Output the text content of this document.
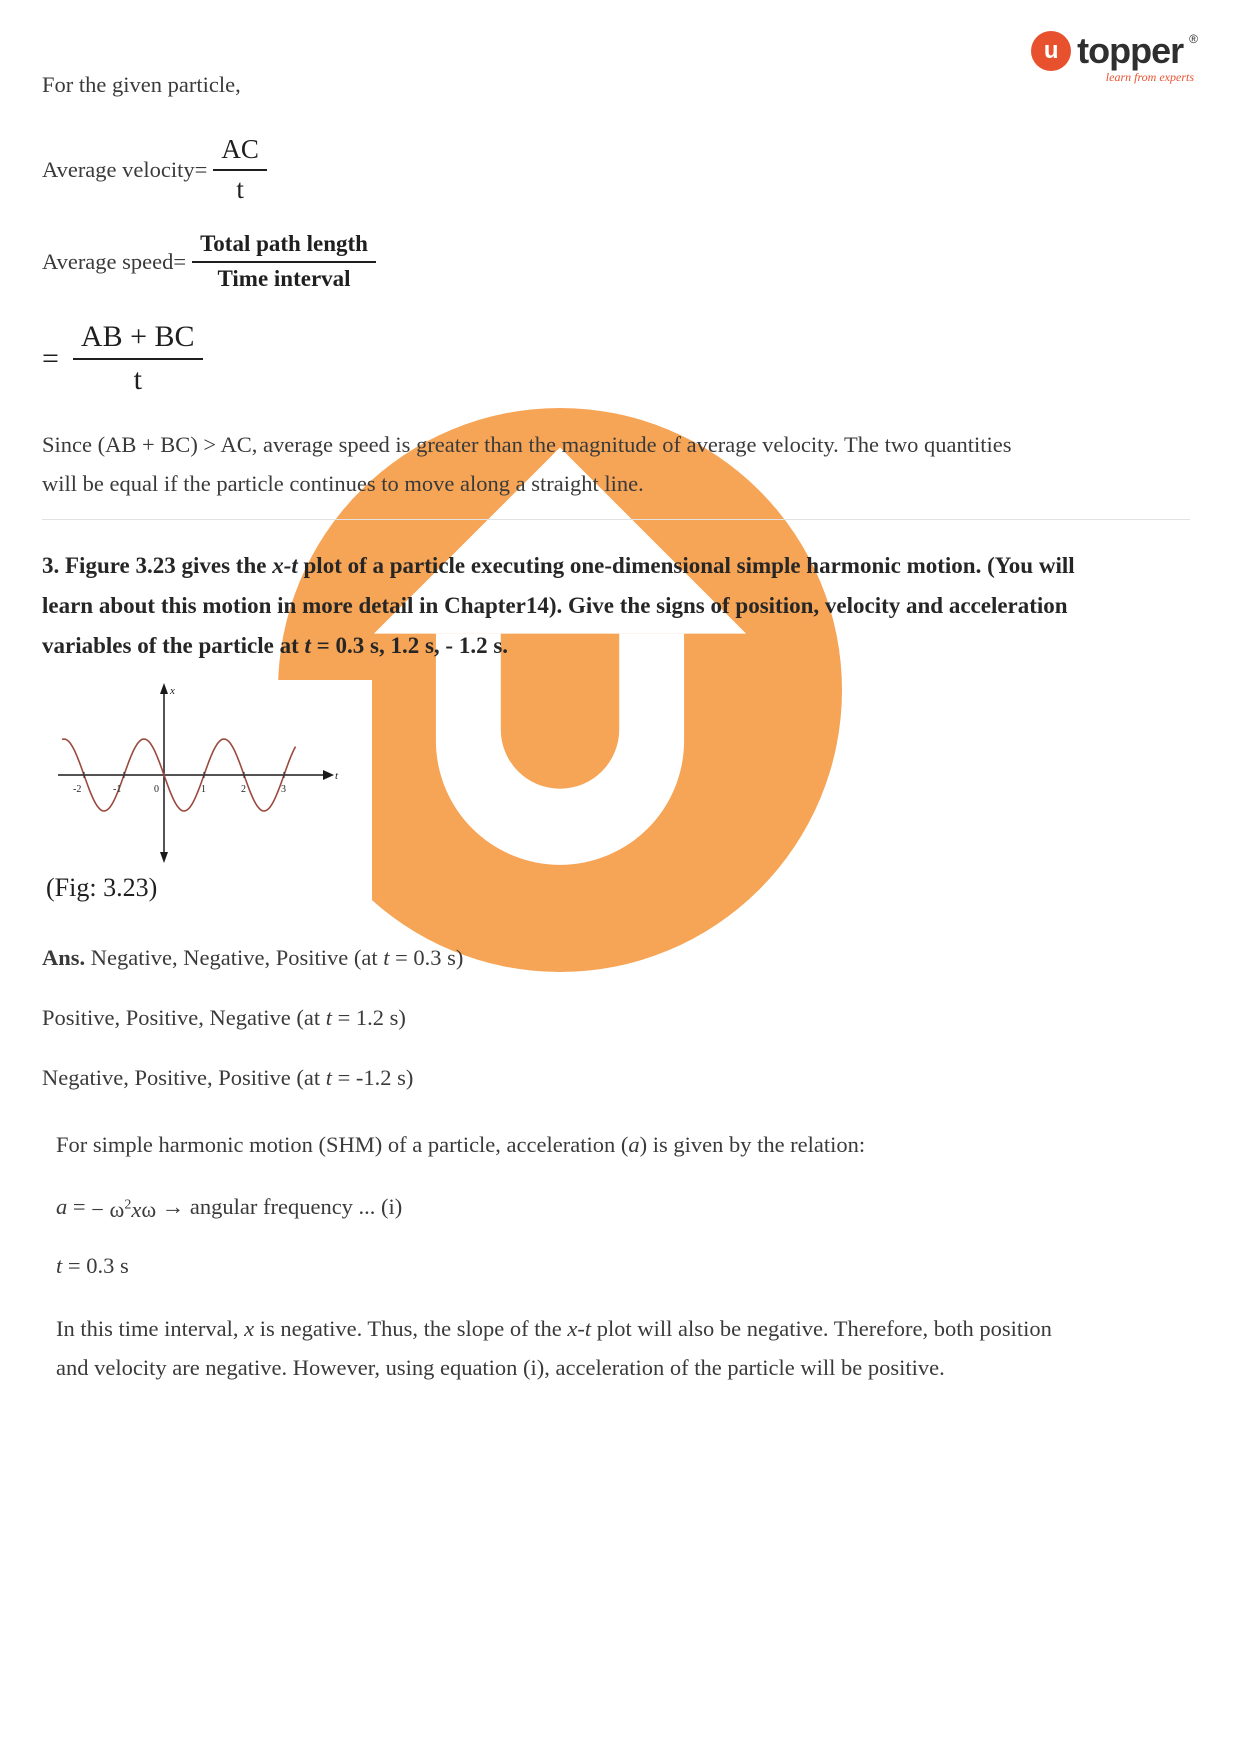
u topper ®
learn from experts

For the given particle,

Average velocity= $\frac{AC}{t}$
Average speed= $\frac{\text{Total path length}}{\text{Time interval}}$
= $\frac{AB + BC}{t}$

Since (AB + BC) > AC, average speed is greater than the magnitude of average velocity. The two quantities will be equal if the particle continues to move along a straight line.

3. Figure 3.23 gives the x-t plot of a particle executing one-dimensional simple harmonic motion. (You will learn about this motion in more detail in Chapter14). Give the signs of position, velocity and acceleration variables of the particle at t = 0.3 s, 1.2 s, - 1.2 s.

x
t
-2	-1	0	1	2	3
(Fig: 3.23)

Ans. Negative, Negative, Positive (at t = 0.3 s)

Positive, Positive, Negative (at t = 1.2 s)

Negative, Positive, Positive (at t = -1.2 s)

For simple harmonic motion (SHM) of a particle, acceleration (a) is given by the relation:

a = − $\omega^2x\omega$ → angular frequency ... (i)

t = 0.3 s

In this time interval, x is negative. Thus, the slope of the x-t plot will also be negative. Therefore, both position and velocity are negative. However, using equation (i), acceleration of the particle will be positive.
